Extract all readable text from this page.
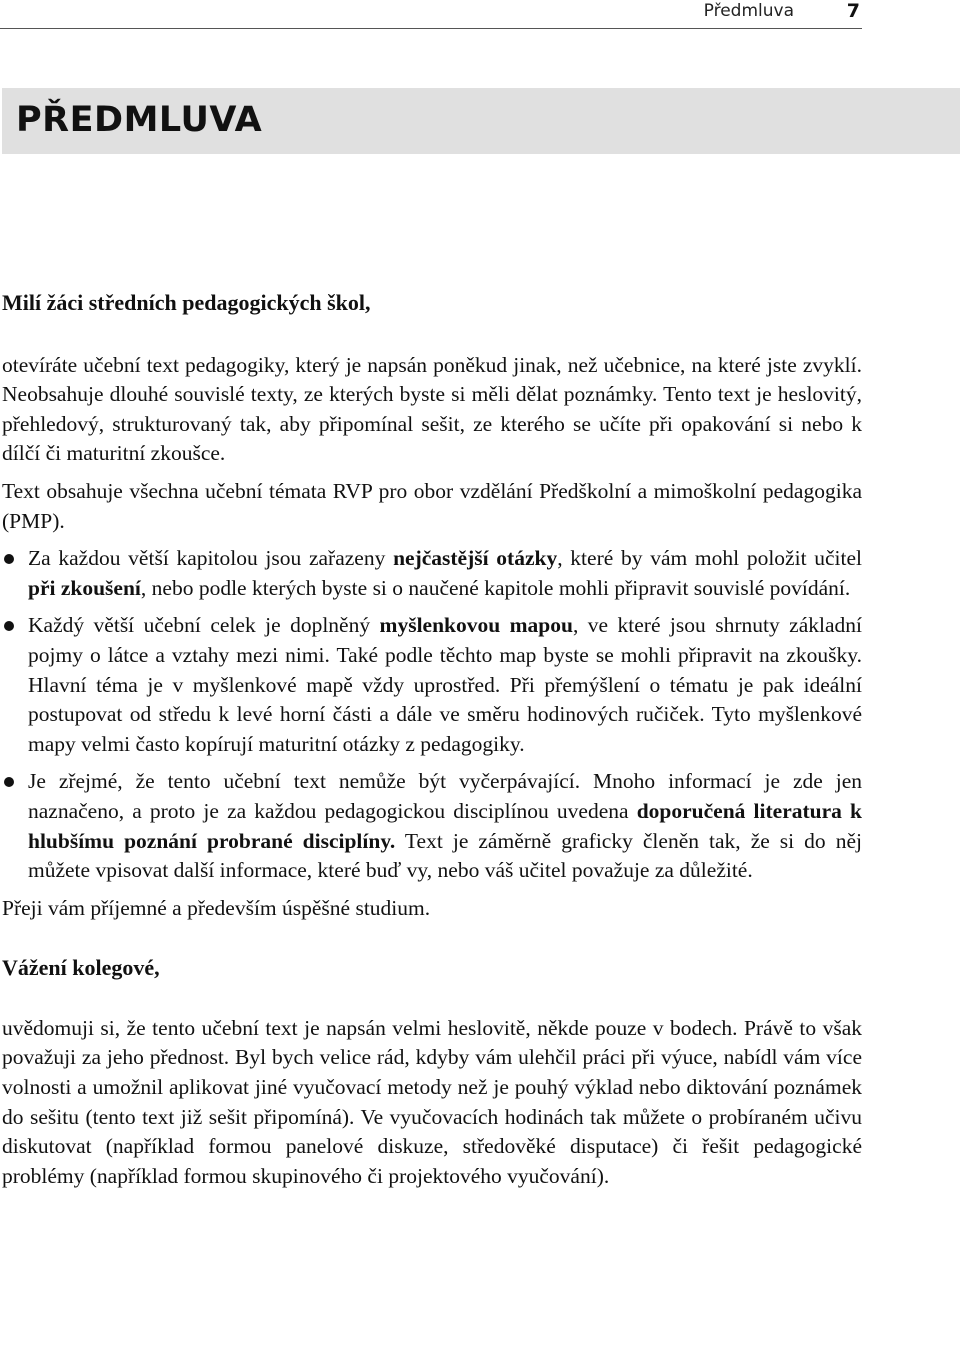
Předmluva	7
PŘEDMLUVA

Milí žáci středních pedagogických škol,

otevíráte učební text pedagogiky, který je napsán poněkud jinak, než učebnice, na které jste zvyklí. Neobsahuje dlouhé souvislé texty, ze kterých byste si měli dělat poznámky. Tento text je heslovitý, přehledový, strukturovaný tak, aby připomínal sešit, ze kterého se učíte při opakování si nebo k dílčí či maturitní zkoušce.

Text obsahuje všechna učební témata RVP pro obor vzdělání Předškolní a mimoškolní pedagogika (PMP).

Za každou větší kapitolou jsou zařazeny nejčastější otázky, které by vám mohl položit učitel při zkoušení, nebo podle kterých byste si o naučené kapitole mohli připravit souvislé povídání.
Každý větší učební celek je doplněný myšlenkovou mapou, ve které jsou shrnuty základní pojmy o látce a vztahy mezi nimi. Také podle těchto map byste se mohli připravit na zkoušky. Hlavní téma je v myšlenkové mapě vždy uprostřed. Při přemýšlení o tématu je pak ideální postupovat od středu k levé horní části a dále ve směru hodinových ručiček. Tyto myšlenkové mapy velmi často kopírují maturitní otázky z pedagogiky.
Je zřejmé, že tento učební text nemůže být vyčerpávající. Mnoho informací je zde jen naznačeno, a proto je za každou pedagogickou disciplínou uvedena doporučená literatura k hlubšímu poznání probrané disciplíny. Text je záměrně graficky členěn tak, že si do něj můžete vpisovat další informace, které buď vy, nebo váš učitel považuje za důležité.

Přeji vám příjemné a především úspěšné studium.

Vážení kolegové,

uvědomuji si, že tento učební text je napsán velmi heslovitě, někde pouze v bodech. Právě to však považuji za jeho přednost. Byl bych velice rád, kdyby vám ulehčil práci při výuce, nabídl vám více volnosti a umožnil aplikovat jiné vyučovací metody než je pouhý výklad nebo diktování poznámek do sešitu (tento text již sešit připomíná). Ve vyučovacích hodinách tak můžete o probíraném učivu diskutovat (například formou panelové diskuze, středověké disputace) či řešit pedagogické problémy (například formou skupinového či projektového vyučování).
